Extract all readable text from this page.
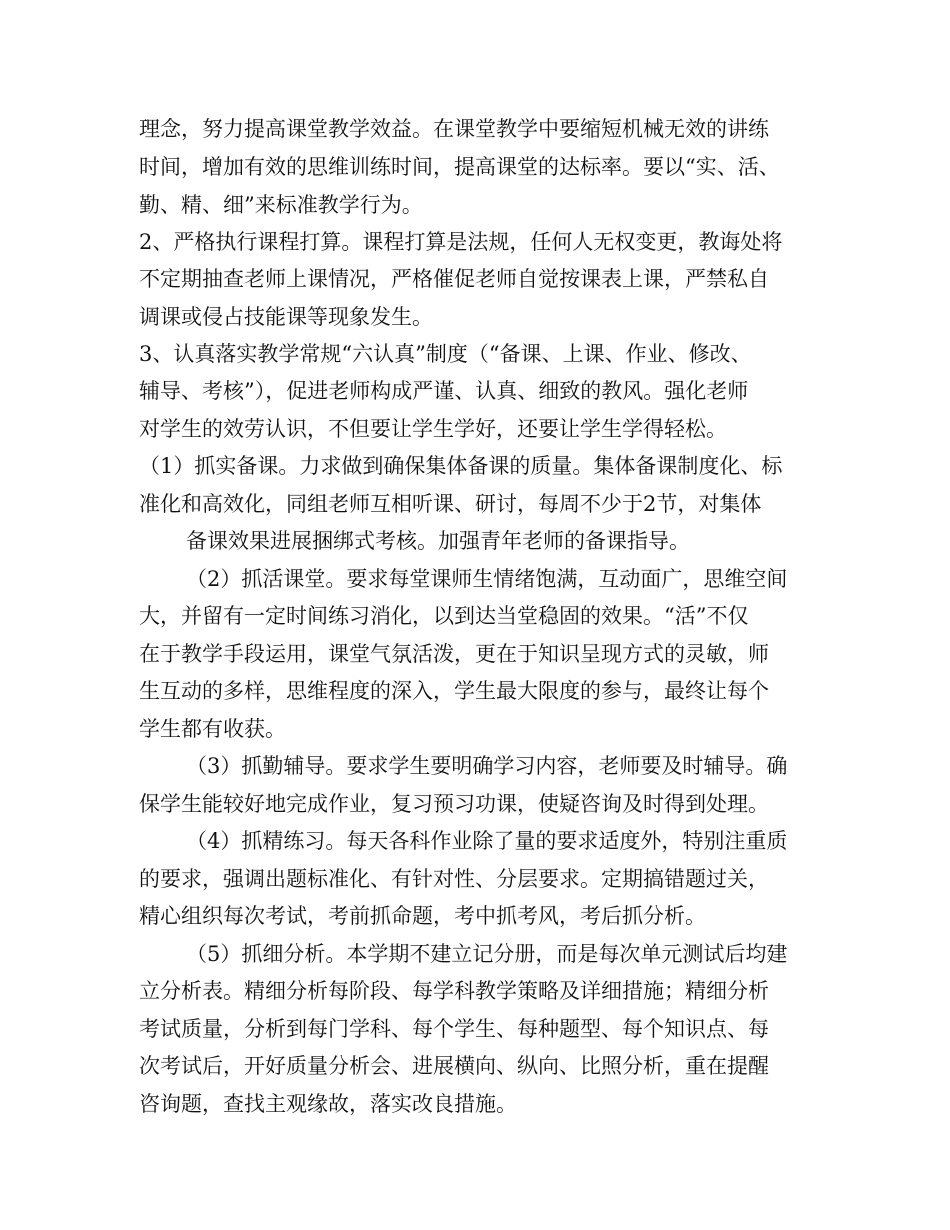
理念，努力提高课堂教学效益。在课堂教学中要缩短机械无效的讲练
时间，增加有效的思维训练时间，提高课堂的达标率。要以“实、活、
勤、精、细”来标准教学行为。
2、严格执行课程打算。课程打算是法规，任何人无权变更，教诲处将
不定期抽查老师上课情况，严格催促老师自觉按课表上课，严禁私自
调课或侵占技能课等现象发生。
3、认真落实教学常规“六认真”制度（“备课、上课、作业、修改、
辅导、考核”），促进老师构成严谨、认真、细致的教风。强化老师
对学生的效劳认识，不但要让学生学好，还要让学生学得轻松。
（1）抓实备课。力求做到确保集体备课的质量。集体备课制度化、标
准化和高效化，同组老师互相听课、研讨，每周不少于2节，对集体
备课效果进展捆绑式考核。加强青年老师的备课指导。
（2）抓活课堂。要求每堂课师生情绪饱满，互动面广，思维空间
大，并留有一定时间练习消化，以到达当堂稳固的效果。“活”不仅
在于教学手段运用，课堂气氛活泼，更在于知识呈现方式的灵敏，师
生互动的多样，思维程度的深入，学生最大限度的参与，最终让每个
学生都有收获。
（3）抓勤辅导。要求学生要明确学习内容，老师要及时辅导。确
保学生能较好地完成作业，复习预习功课，使疑咨询及时得到处理。
（4）抓精练习。每天各科作业除了量的要求适度外，特别注重质
的要求，强调出题标准化、有针对性、分层要求。定期搞错题过关，
精心组织每次考试，考前抓命题，考中抓考风，考后抓分析。
（5）抓细分析。本学期不建立记分册，而是每次单元测试后均建
立分析表。精细分析每阶段、每学科教学策略及详细措施；精细分析
考试质量，分析到每门学科、每个学生、每种题型、每个知识点、每
次考试后，开好质量分析会、进展横向、纵向、比照分析，重在提醒
咨询题，查找主观缘故，落实改良措施。
